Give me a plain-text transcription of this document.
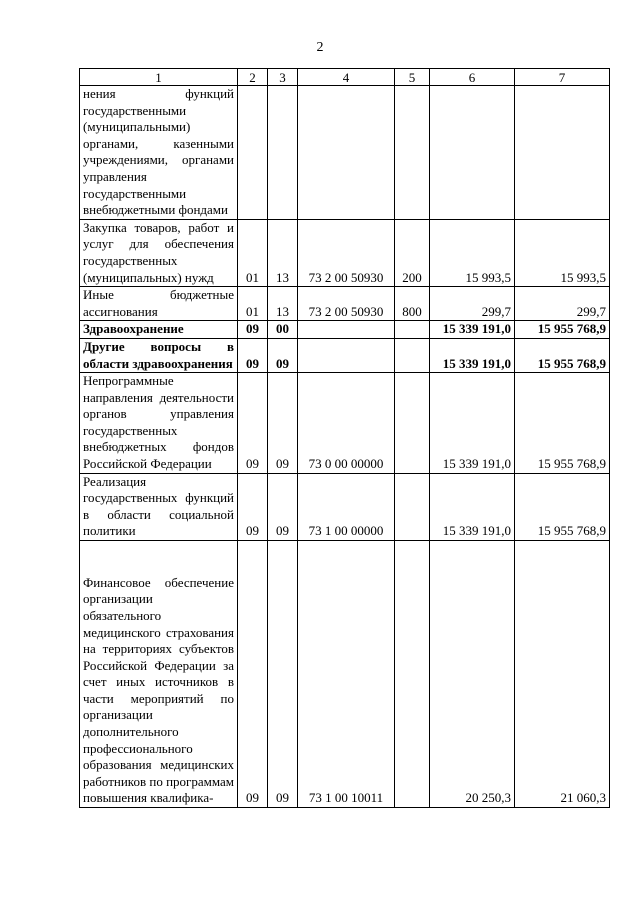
2
1	2	3	4	5	6	7
нения функций государственными (муниципальными) органами, казенными учреждениями, органами управления государственными внебюджетными фондами						
Закупка товаров, работ и услуг для обеспечения государственных (муниципальных) нужд	01	13	73 2 00 50930	200	15 993,5	15 993,5
Иные бюджетные ассигнования	01	13	73 2 00 50930	800	299,7	299,7
Здравоохранение	09	00			15 339 191,0	15 955 768,9
Другие вопросы в области здравоохранения	09	09			15 339 191,0	15 955 768,9
Непрограммные направления деятельности органов управления государственных внебюджетных фондов Российской Федерации	09	09	73 0 00 00000		15 339 191,0	15 955 768,9
Реализация государственных функций в области социальной политики	09	09	73 1 00 00000		15 339 191,0	15 955 768,9

Финансовое обеспечение организации обязательного медицинского страхования на территориях субъектов Российской Федерации за счет иных источников в части мероприятий по организации дополнительного профессионального образования медицинских работников по программам повышения квалифика-	09	09	73 1 00 10011		20 250,3	21 060,3
